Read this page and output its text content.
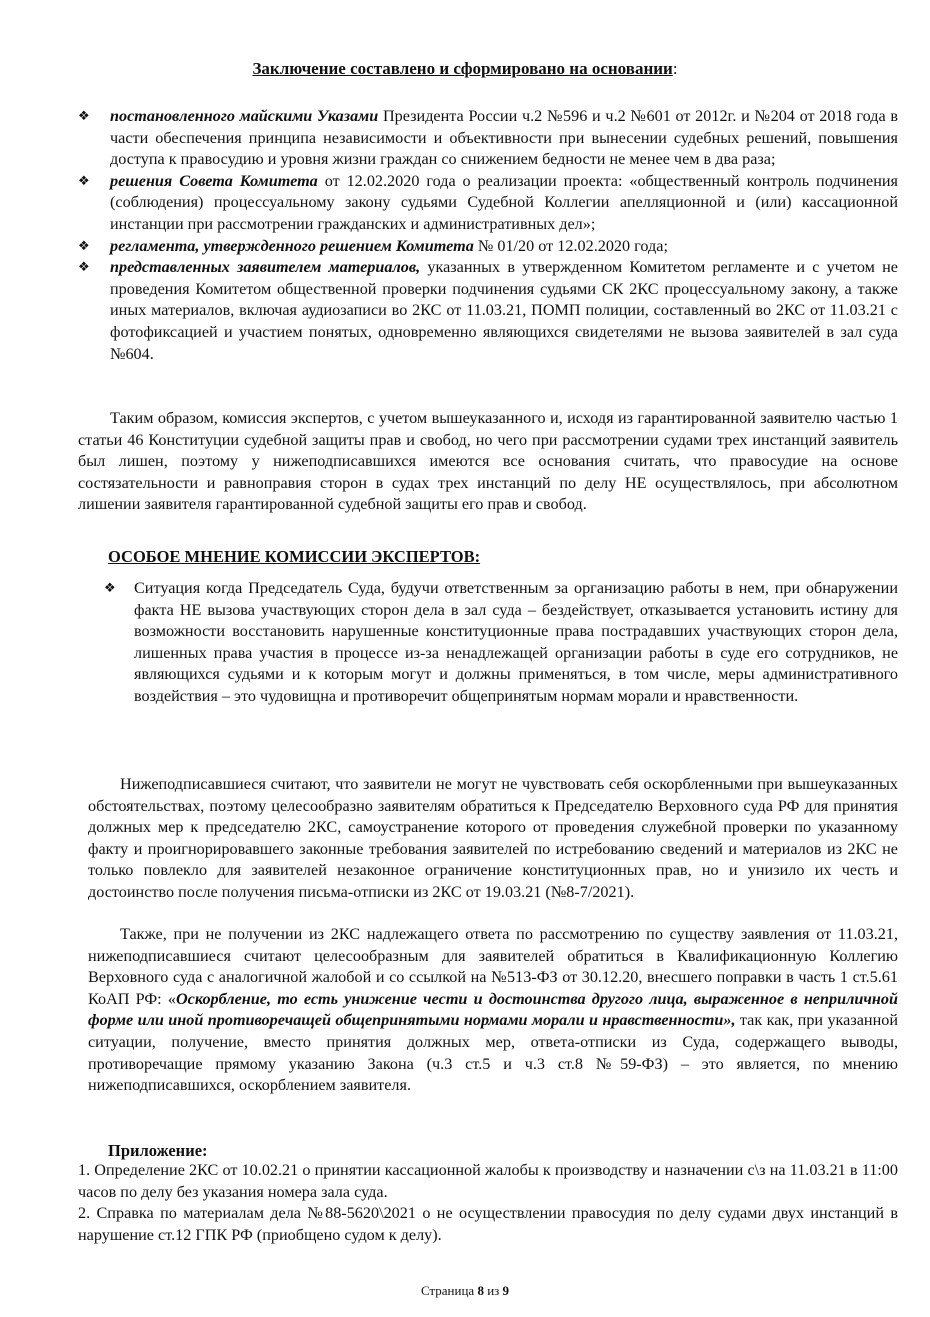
Заключение составлено и сформировано на основании:
❖ постановленного майскими Указами Президента России ч.2 №596 и ч.2 №601 от 2012г. и №204 от 2018 года в части обеспечения принципа независимости и объективности при вынесении судебных решений, повышения доступа к правосудию и уровня жизни граждан со снижением бедности не менее чем в два раза;
❖ решения Совета Комитета от 12.02.2020 года о реализации проекта: «общественный контроль подчинения (соблюдения) процессуальному закону судьями Судебной Коллегии апелляционной и (или) кассационной инстанции при рассмотрении гражданских и административных дел»;
❖ регламента, утвержденного решением Комитета № 01/20 от 12.02.2020 года;
❖ представленных заявителем материалов, указанных в утвержденном Комитетом регламенте и с учетом не проведения Комитетом общественной проверки подчинения судьями СК 2КС процессуальному закону, а также иных материалов, включая аудиозаписи во 2КС от 11.03.21, ПОМП полиции, составленный во 2КС от 11.03.21 с фотофиксацией и участием понятых, одновременно являющихся свидетелями не вызова заявителей в зал суда №604.
Таким образом, комиссия экспертов, с учетом вышеуказанного и, исходя из гарантированной заявителю частью 1 статьи 46 Конституции судебной защиты прав и свобод, но чего при рассмотрении судами трех инстанций заявитель был лишен, поэтому у нижеподписавшихся имеются все основания считать, что правосудие на основе состязательности и равноправия сторон в судах трех инстанций по делу НЕ осуществлялось, при абсолютном лишении заявителя гарантированной судебной защиты его прав и свобод.
ОСОБОЕ МНЕНИЕ КОМИССИИ ЭКСПЕРТОВ:
❖ Ситуация когда Председатель Суда, будучи ответственным за организацию работы в нем, при обнаружении факта НЕ вызова участвующих сторон дела в зал суда – бездействует, отказывается установить истину для возможности восстановить нарушенные конституционные права пострадавших участвующих сторон дела, лишенных права участия в процессе из-за ненадлежащей организации работы в суде его сотрудников, не являющихся судьями и к которым могут и должны применяться, в том числе, меры административного воздействия – это чудовищна и противоречит общепринятым нормам морали и нравственности.
Нижеподписавшиеся считают, что заявители не могут не чувствовать себя оскорбленными при вышеуказанных обстоятельствах, поэтому целесообразно заявителям обратиться к Председателю Верховного суда РФ для принятия должных мер к председателю 2КС, самоустранение которого от проведения служебной проверки по указанному факту и проигнорировавшего законные требования заявителей по истребованию сведений и материалов из 2КС не только повлекло для заявителей незаконное ограничение конституционных прав, но и унизило их честь и достоинство после получения письма-отписки из 2КС от 19.03.21 (№8-7/2021).
Также, при не получении из 2КС надлежащего ответа по рассмотрению по существу заявления от 11.03.21, нижеподписавшиеся считают целесообразным для заявителей обратиться в Квалификационную Коллегию Верховного суда с аналогичной жалобой и со ссылкой на №513-ФЗ от 30.12.20, внесшего поправки в часть 1 ст.5.61 КоАП РФ: «Оскорбление, то есть унижение чести и достоинства другого лица, выраженное в неприличной форме или иной противоречащей общепринятыми нормами морали и нравственности», так как, при указанной ситуации, получение, вместо принятия должных мер, ответа-отписки из Суда, содержащего выводы, противоречащие прямому указанию Закона (ч.3 ст.5 и ч.3 ст.8 №59-ФЗ) – это является, по мнению нижеподписавшихся, оскорблением заявителя.
Приложение:
1. Определение 2КС от 10.02.21 о принятии кассационной жалобы к производству и назначении с\з на 11.03.21 в 11:00 часов по делу без указания номера зала суда.
2. Справка по материалам дела №88-5620\2021 о не осуществлении правосудия по делу судами двух инстанций в нарушение ст.12 ГПК РФ (приобщено судом к делу).
Страница 8 из 9
